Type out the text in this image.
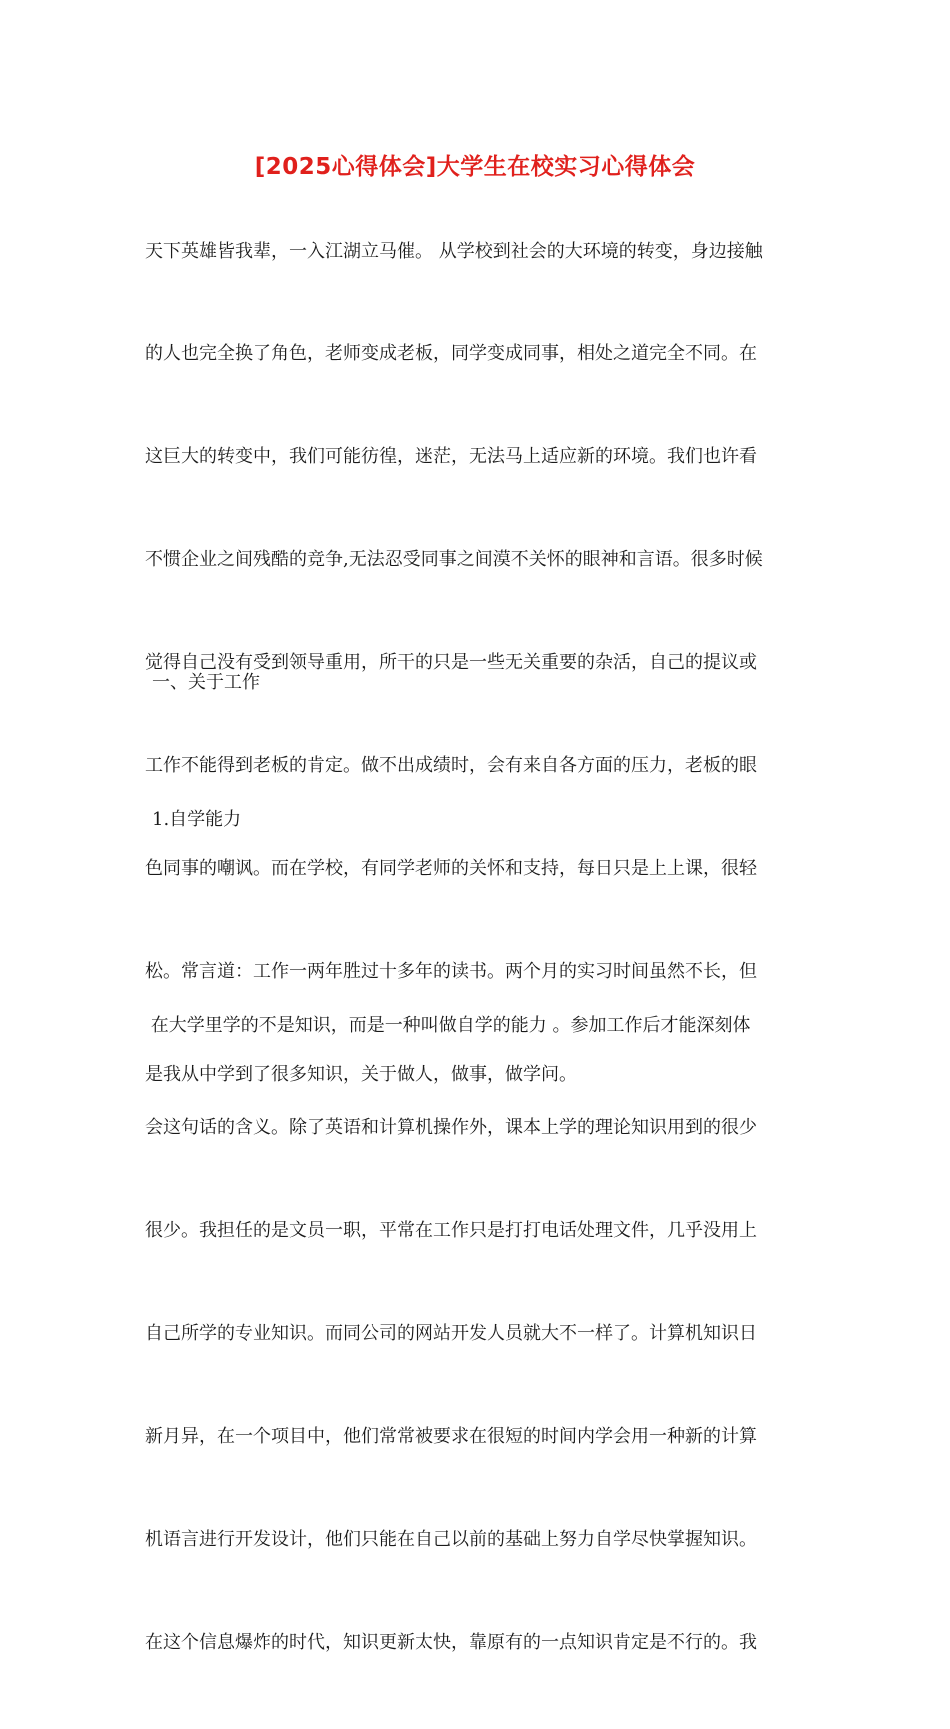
[2025心得体会]大学生在校实习心得体会

天下英雄皆我辈，一入江湖立马催。 从学校到社会的大环境的转变，身边接触

的人也完全换了角色，老师变成老板，同学变成同事，相处之道完全不同。在

这巨大的转变中，我们可能彷徨，迷茫，无法马上适应新的环境。我们也许看

不惯企业之间残酷的竞争,无法忍受同事之间漠不关怀的眼神和言语。很多时候

觉得自己没有受到领导重用，所干的只是一些无关重要的杂活，自己的提议或

工作不能得到老板的肯定。做不出成绩时，会有来自各方面的压力，老板的眼

色同事的嘲讽。而在学校，有同学老师的关怀和支持，每日只是上上课，很轻

松。常言道：工作一两年胜过十多年的读书。两个月的实习时间虽然不长，但

是我从中学到了很多知识，关于做人，做事，做学问。

一、关于工作
1.自学能力

在大学里学的不是知识，而是一种叫做自学的能力 。参加工作后才能深刻体

会这句话的含义。除了英语和计算机操作外，课本上学的理论知识用到的很少

很少。我担任的是文员一职，平常在工作只是打打电话处理文件，几乎没用上

自己所学的专业知识。而同公司的网站开发人员就大不一样了。计算机知识日

新月异，在一个项目中，他们常常被要求在很短的时间内学会用一种新的计算

机语言进行开发设计，他们只能在自己以前的基础上努力自学尽快掌握知识。

在这个信息爆炸的时代，知识更新太快，靠原有的一点知识肯定是不行的。我
